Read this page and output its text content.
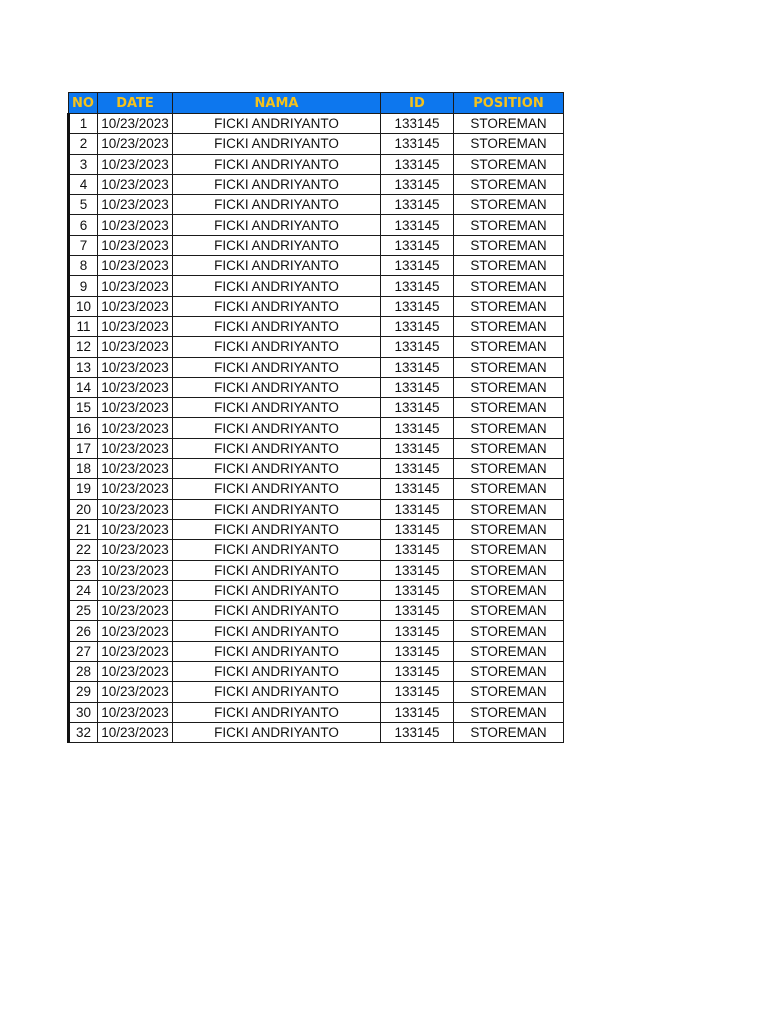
NO	DATE	NAMA	ID	POSITION
1	10/23/2023	FICKI ANDRIYANTO	133145	STOREMAN
2	10/23/2023	FICKI ANDRIYANTO	133145	STOREMAN
3	10/23/2023	FICKI ANDRIYANTO	133145	STOREMAN
4	10/23/2023	FICKI ANDRIYANTO	133145	STOREMAN
5	10/23/2023	FICKI ANDRIYANTO	133145	STOREMAN
6	10/23/2023	FICKI ANDRIYANTO	133145	STOREMAN
7	10/23/2023	FICKI ANDRIYANTO	133145	STOREMAN
8	10/23/2023	FICKI ANDRIYANTO	133145	STOREMAN
9	10/23/2023	FICKI ANDRIYANTO	133145	STOREMAN
10	10/23/2023	FICKI ANDRIYANTO	133145	STOREMAN
11	10/23/2023	FICKI ANDRIYANTO	133145	STOREMAN
12	10/23/2023	FICKI ANDRIYANTO	133145	STOREMAN
13	10/23/2023	FICKI ANDRIYANTO	133145	STOREMAN
14	10/23/2023	FICKI ANDRIYANTO	133145	STOREMAN
15	10/23/2023	FICKI ANDRIYANTO	133145	STOREMAN
16	10/23/2023	FICKI ANDRIYANTO	133145	STOREMAN
17	10/23/2023	FICKI ANDRIYANTO	133145	STOREMAN
18	10/23/2023	FICKI ANDRIYANTO	133145	STOREMAN
19	10/23/2023	FICKI ANDRIYANTO	133145	STOREMAN
20	10/23/2023	FICKI ANDRIYANTO	133145	STOREMAN
21	10/23/2023	FICKI ANDRIYANTO	133145	STOREMAN
22	10/23/2023	FICKI ANDRIYANTO	133145	STOREMAN
23	10/23/2023	FICKI ANDRIYANTO	133145	STOREMAN
24	10/23/2023	FICKI ANDRIYANTO	133145	STOREMAN
25	10/23/2023	FICKI ANDRIYANTO	133145	STOREMAN
26	10/23/2023	FICKI ANDRIYANTO	133145	STOREMAN
27	10/23/2023	FICKI ANDRIYANTO	133145	STOREMAN
28	10/23/2023	FICKI ANDRIYANTO	133145	STOREMAN
29	10/23/2023	FICKI ANDRIYANTO	133145	STOREMAN
30	10/23/2023	FICKI ANDRIYANTO	133145	STOREMAN
32	10/23/2023	FICKI ANDRIYANTO	133145	STOREMAN
